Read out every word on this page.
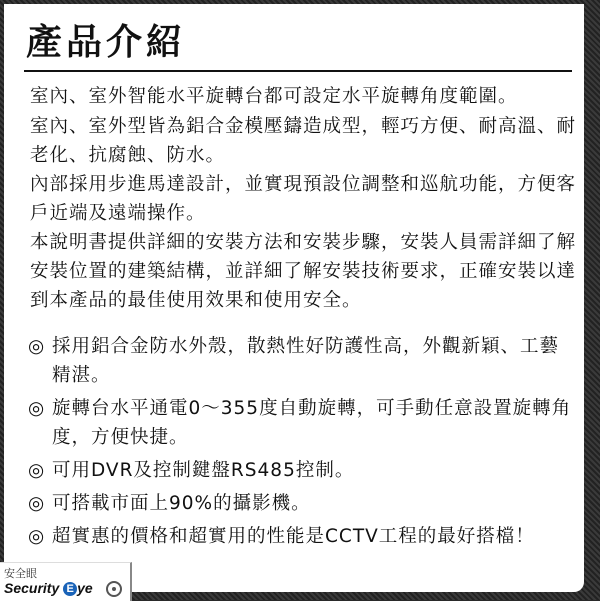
產品介紹
室內、室外智能水平旋轉台都可設定水平旋轉角度範圍。
室內、室外型皆為鋁合金模壓鑄造成型，輕巧方便、耐高溫、耐老化、抗腐蝕、防水。
內部採用步進馬達設計，並實現預設位調整和巡航功能，方便客戶近端及遠端操作。
本說明書提供詳細的安裝方法和安裝步驟，安裝人員需詳細了解安裝位置的建築結構，並詳細了解安裝技術要求，正確安裝以達到本產品的最佳使用效果和使用安全。
◎ 採用鋁合金防水外殼，散熱性好防護性高，外觀新穎、工藝精湛。
◎ 旋轉台水平通電0～355度自動旋轉，可手動任意設置旋轉角度，方便快捷。
◎ 可用DVR及控制鍵盤RS485控制。
◎ 可搭載市面上90%的攝影機。
◎ 超實惠的價格和超實用的性能是CCTV工程的最好搭檔！
安全眼
Security E ye
